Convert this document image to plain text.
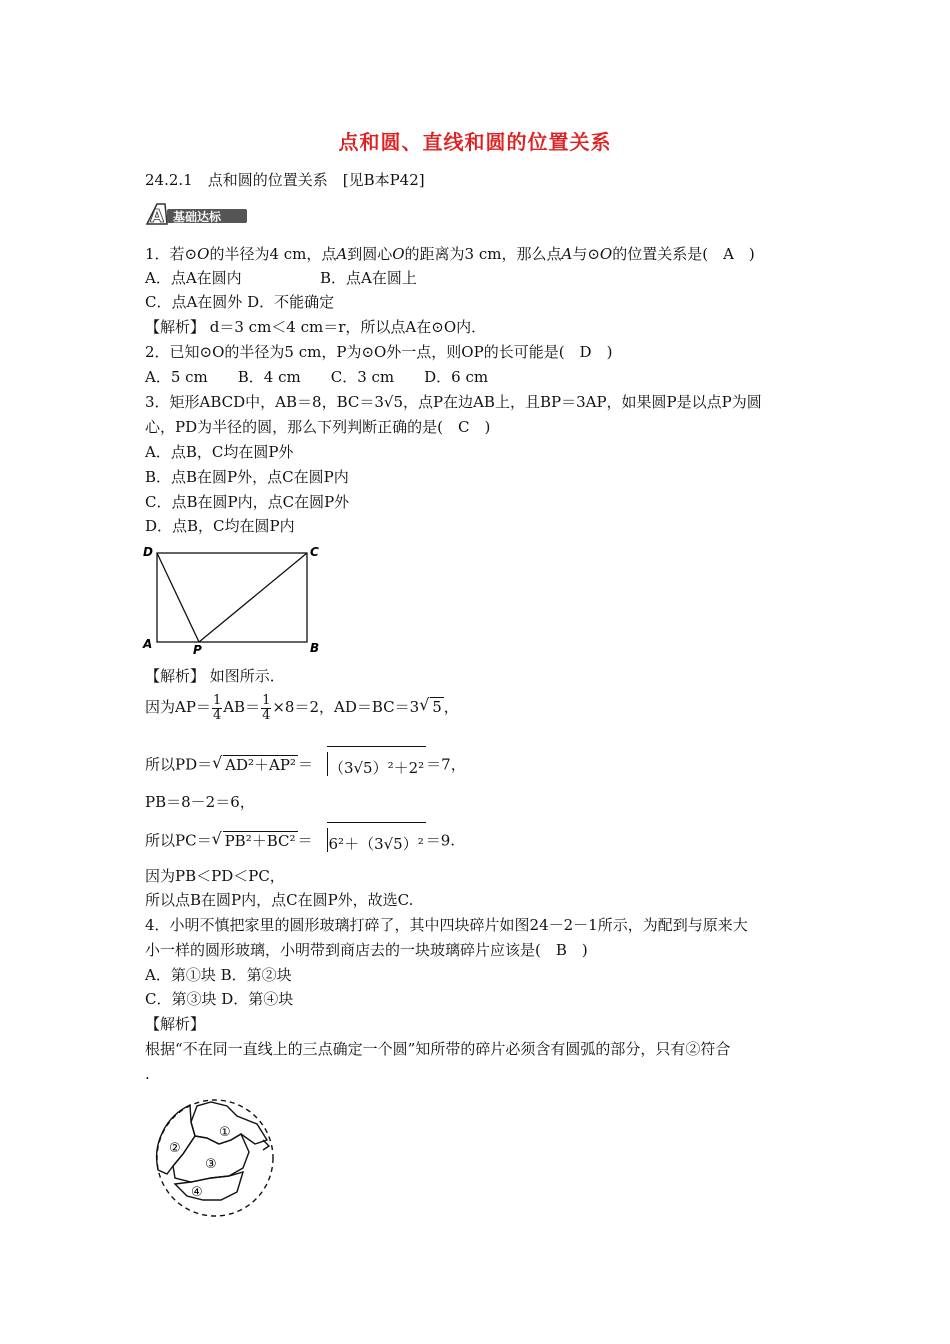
点和圆、直线和圆的位置关系
24.2.1　点和圆的位置关系　[见B本P42]
A 基础达标
1．若⊙O的半径为4 cm，点A到圆心O的距离为3 cm，那么点A与⊙O的位置关系是(　A　)
A．点A在圆内	B．点A在圆上
C．点A在圆外 D．不能确定
【解析】 d＝3 cm＜4 cm＝r，所以点A在⊙O内．
2．已知⊙O的半径为5 cm，P为⊙O外一点，则OP的长可能是(　D　)
A．5 cm　　B．4 cm　　C．3 cm　　D．6 cm
3．矩形ABCD中，AB＝8，BC＝3√5，点P在边AB上，且BP＝3AP，如果圆P是以点P为圆
心，PD为半径的圆，那么下列判断正确的是(　C　)
A．点B，C均在圆P外
B．点B在圆P外，点C在圆P内
C．点B在圆P内，点C在圆P外
D．点B，C均在圆P内
D	C
A	B
P
【解析】 如图所示．
因为$AP= \frac{1}{4} AB= \frac{1}{4} \times 8=2$，AD＝BC＝3 √ 5 ，
所以PD＝ √ AD²＋AP² ＝ （3√5）²＋2² ＝7，
PB＝8－2＝6，
所以PC＝ √ PB²＋BC² ＝ 6²＋（3√5）² ＝9.
因为PB＜PD＜PC，
所以点B在圆P内，点C在圆P外，故选C.
4．小明不慎把家里的圆形玻璃打碎了，其中四块碎片如图24－2－1所示，为配到与原来大
小一样的圆形玻璃，小明带到商店去的一块玻璃碎片应该是(　B　)
A．第①块 B．第②块
C．第③块 D．第④块
【解析】
根据“不在同一直线上的三点确定一个圆”知所带的碎片必须含有圆弧的部分，只有②符合
.
①
②
③
④
